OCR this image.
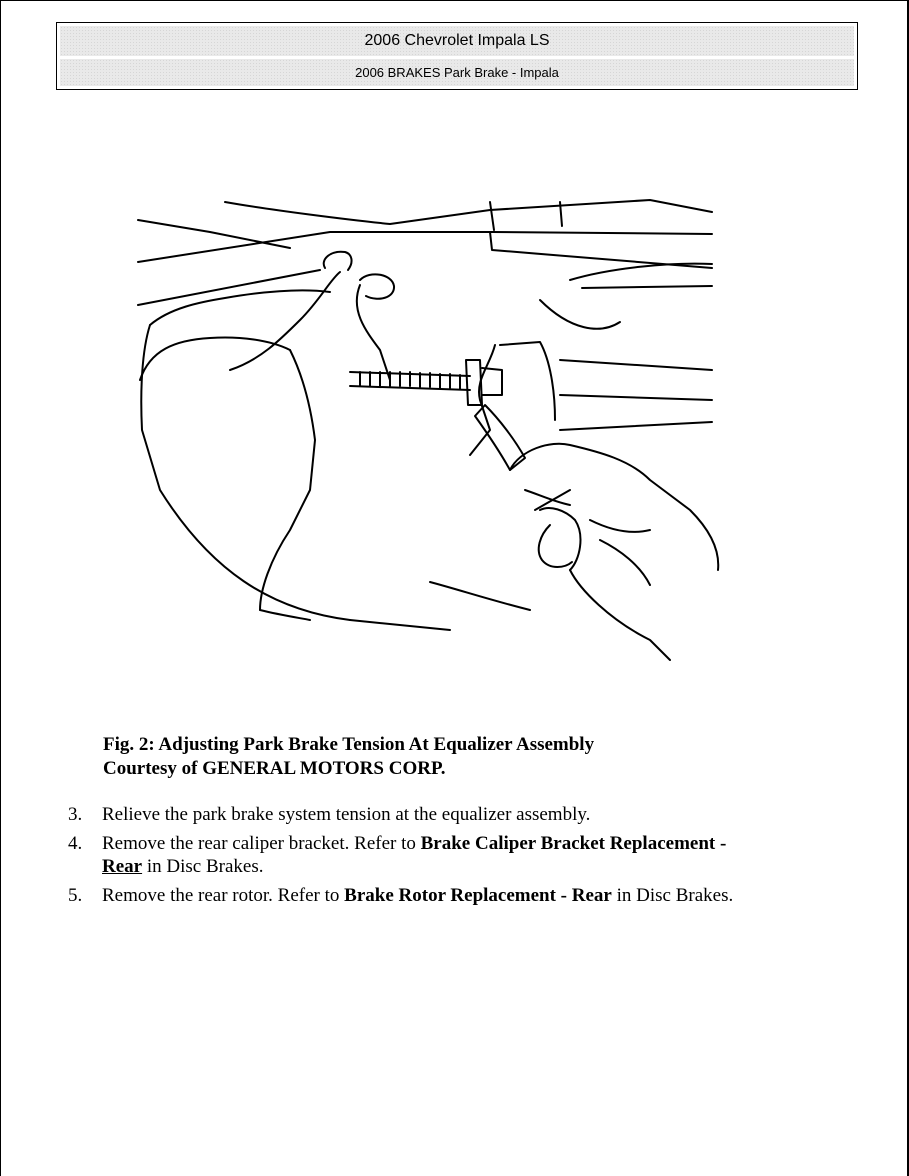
2006 Chevrolet Impala LS
2006 BRAKES Park Brake - Impala
Fig. 2: Adjusting Park Brake Tension At Equalizer Assembly
Courtesy of GENERAL MOTORS CORP.
3.	Relieve the park brake system tension at the equalizer assembly.
4.	Remove the rear caliper bracket. Refer to Brake Caliper Bracket Replacement -
Rear in Disc Brakes.
5.	Remove the rear rotor. Refer to Brake Rotor Replacement - Rear in Disc Brakes.
